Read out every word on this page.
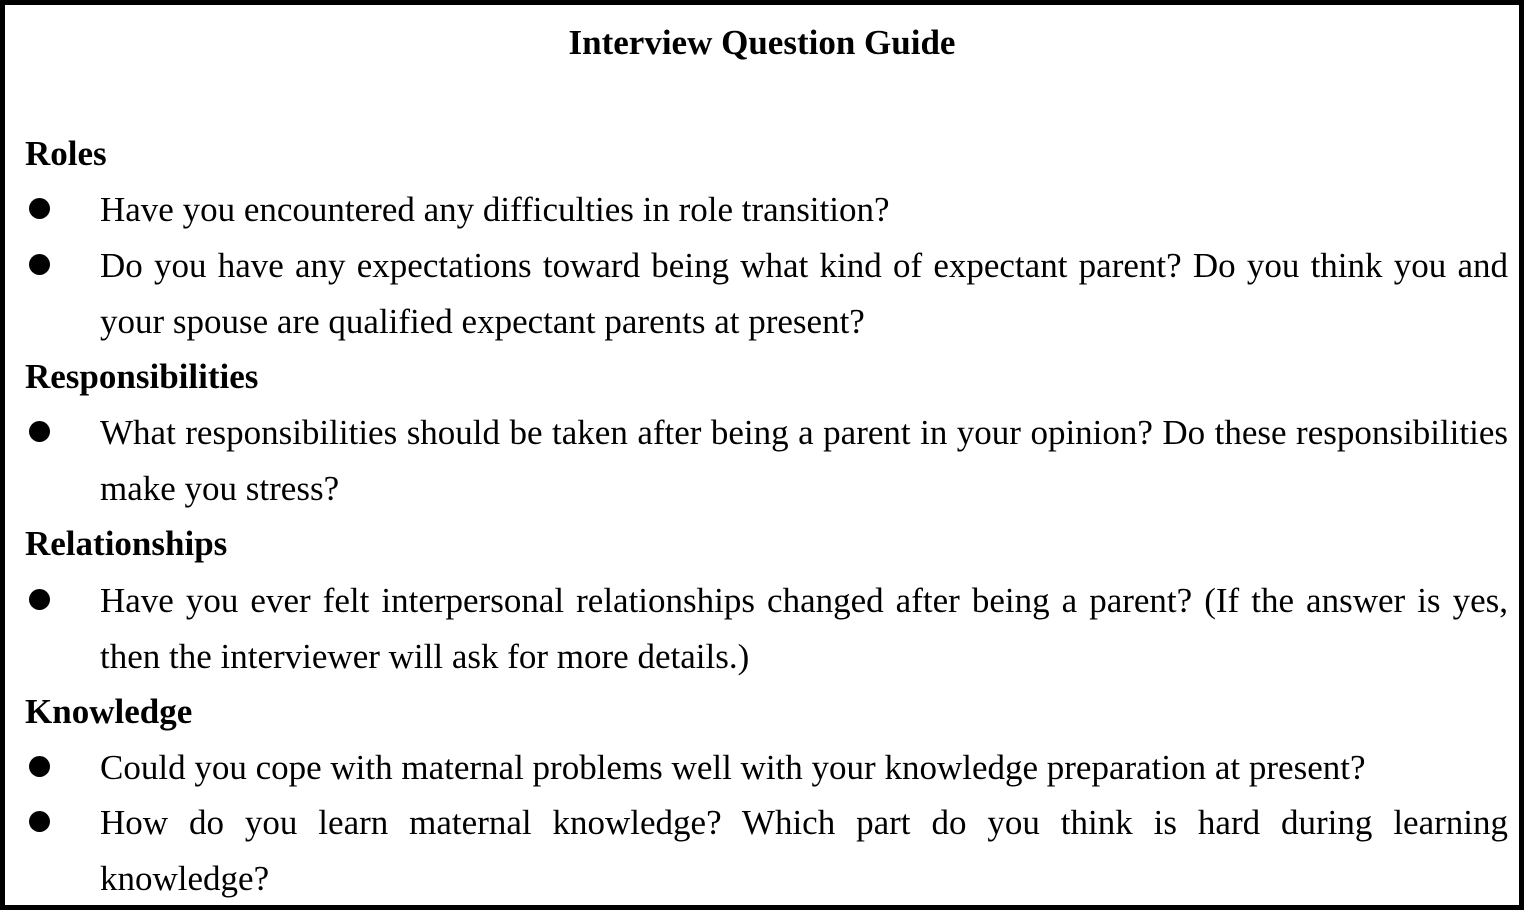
Interview Question Guide
Roles
Have you encountered any difficulties in role transition?
Do you have any expectations toward being what kind of expectant parent? Do you think you and your spouse are qualified expectant parents at present?
Responsibilities
What responsibilities should be taken after being a parent in your opinion? Do these responsibilities make you stress?
Relationships
Have you ever felt interpersonal relationships changed after being a parent? (If the answer is yes, then the interviewer will ask for more details.)
Knowledge
Could you cope with maternal problems well with your knowledge preparation at present?
How do you learn maternal knowledge? Which part do you think is hard during learning knowledge?
